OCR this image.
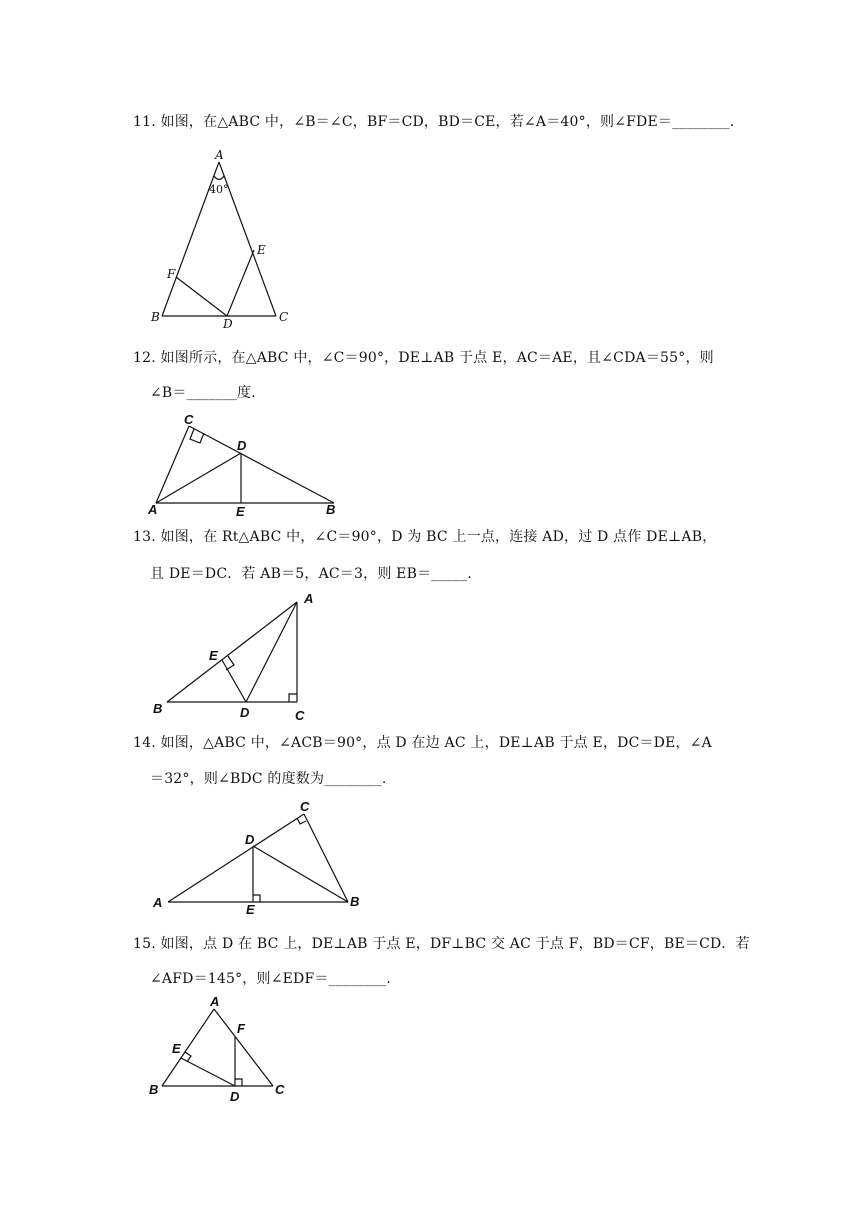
11. 如图，在△ABC 中，∠B＝∠C，BF＝CD，BD＝CE，若∠A＝40°，则∠FDE＝________.
A
40°
B	C
D
E
F
12. 如图所示，在△ABC 中，∠C＝90°，DE⊥AB 于点 E，AC＝AE，且∠CDA＝55°，则
∠B＝_______度.
C
D
A	E	B
13. 如图，在 Rt△ABC 中，∠C＝90°，D 为 BC 上一点，连接 AD，过 D 点作 DE⊥AB，
且 DE＝DC．若 AB＝5，AC＝3，则 EB＝_____.
A
E
B	D	C
14. 如图，△ABC 中，∠ACB＝90°，点 D 在边 AC 上，DE⊥AB 于点 E，DC＝DE，∠A
＝32°，则∠BDC 的度数为________.
C
D
A	E
B
15. 如图，点 D 在 BC 上，DE⊥AB 于点 E，DF⊥BC 交 AC 于点 F，BD＝CF，BE＝CD．若
∠AFD＝145°，则∠EDF＝________.
A
F
E
B	D	C
